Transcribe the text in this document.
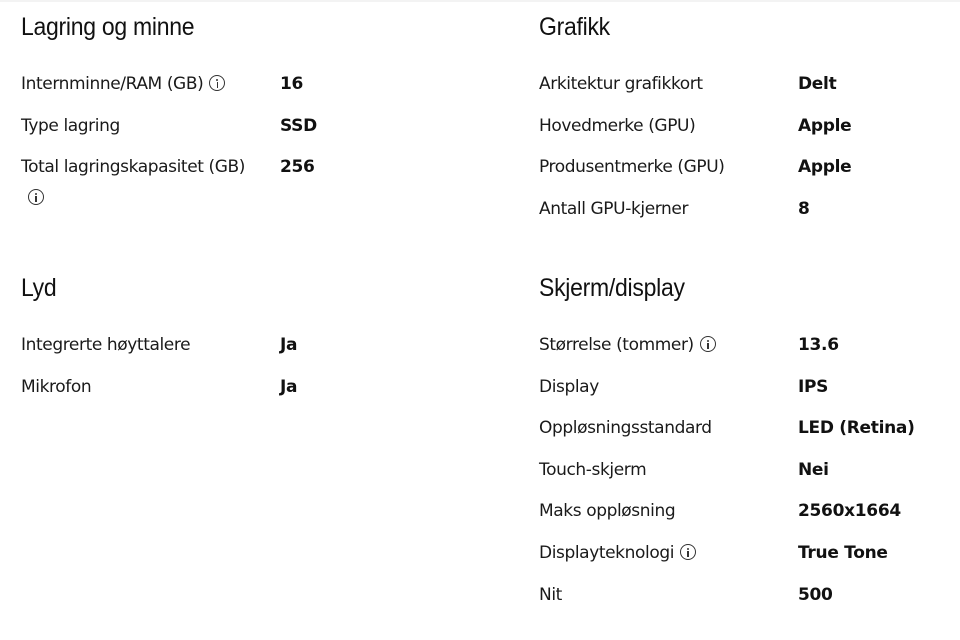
Lagring og minne
Internminne/RAM (GB)	16
Type lagring	SSD
Total lagringskapasitet (GB) 256
Grafikk
Arkitektur grafikkort	Delt
Hovedmerke (GPU)	Apple
Produsentmerke (GPU)	Apple
Antall GPU-kjerner	8
Lyd
Integrerte høyttalere	Ja
Mikrofon	Ja
Skjerm/display
Størrelse (tommer)	13.6
Display	IPS
Oppløsningsstandard	LED (Retina)
Touch-skjerm	Nei
Maks oppløsning	2560x1664
Displayteknologi	True Tone
Nit	500
